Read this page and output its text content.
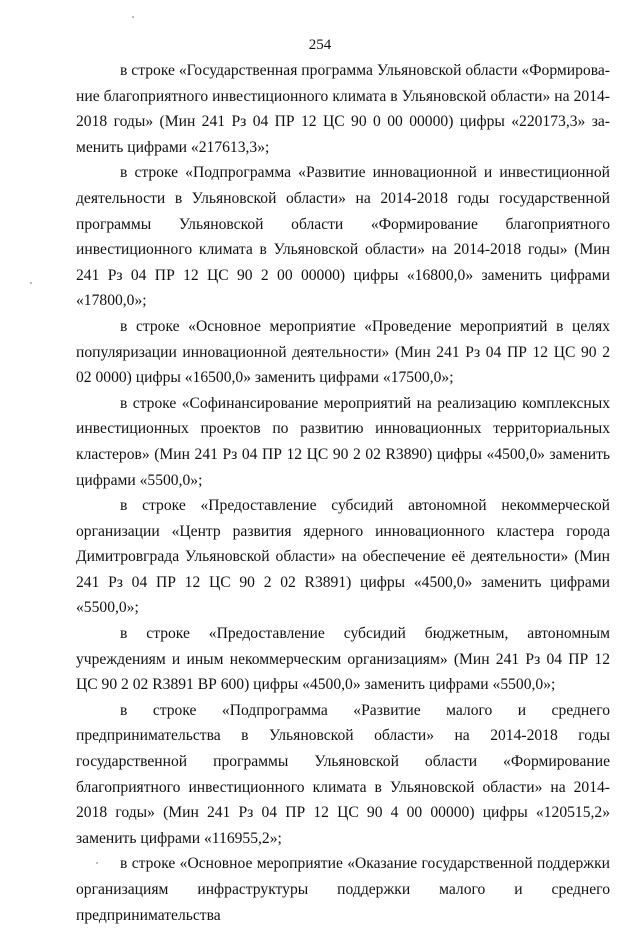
254

в строке «Государственная программа Ульяновской области «Формирование благоприятного инвестиционного климата в Ульяновской области» на 2014-2018 годы» (Мин 241 Рз 04 ПР 12 ЦС 90 0 00 00000) цифры «220173,3» заменить цифрами «217613,3»;

в строке «Подпрограмма «Развитие инновационной и инвестиционной деятельности в Ульяновской области» на 2014-2018 годы государственной программы Ульяновской области «Формирование благоприятного инвестиционного климата в Ульяновской области» на 2014-2018 годы» (Мин 241 Рз 04 ПР 12 ЦС 90 2 00 00000) цифры «16800,0» заменить цифрами «17800,0»;

в строке «Основное мероприятие «Проведение мероприятий в целях популяризации инновационной деятельности» (Мин 241 Рз 04 ПР 12 ЦС 90 2 02 0000) цифры «16500,0» заменить цифрами «17500,0»;

в строке «Софинансирование мероприятий на реализацию комплексных инвестиционных проектов по развитию инновационных территориальных кластеров» (Мин 241 Рз 04 ПР 12 ЦС 90 2 02 R3890) цифры «4500,0» заменить цифрами «5500,0»;

в строке «Предоставление субсидий автономной некоммерческой организации «Центр развития ядерного инновационного кластера города Димитровграда Ульяновской области» на обеспечение её деятельности» (Мин 241 Рз 04 ПР 12 ЦС 90 2 02 R3891) цифры «4500,0» заменить цифрами «5500,0»;

в строке «Предоставление субсидий бюджетным, автономным учреждениям и иным некоммерческим организациям» (Мин 241 Рз 04 ПР 12 ЦС 90 2 02 R3891 ВР 600) цифры «4500,0» заменить цифрами «5500,0»;

в строке «Подпрограмма «Развитие малого и среднего предпринимательства в Ульяновской области» на 2014-2018 годы государственной программы Ульяновской области «Формирование благоприятного инвестиционного климата в Ульяновской области» на 2014-2018 годы» (Мин 241 Рз 04 ПР 12 ЦС 90 4 00 00000) цифры «120515,2» заменить цифрами «116955,2»;

в строке «Основное мероприятие «Оказание государственной поддержки организациям инфраструктуры поддержки малого и среднего предпринимательства
